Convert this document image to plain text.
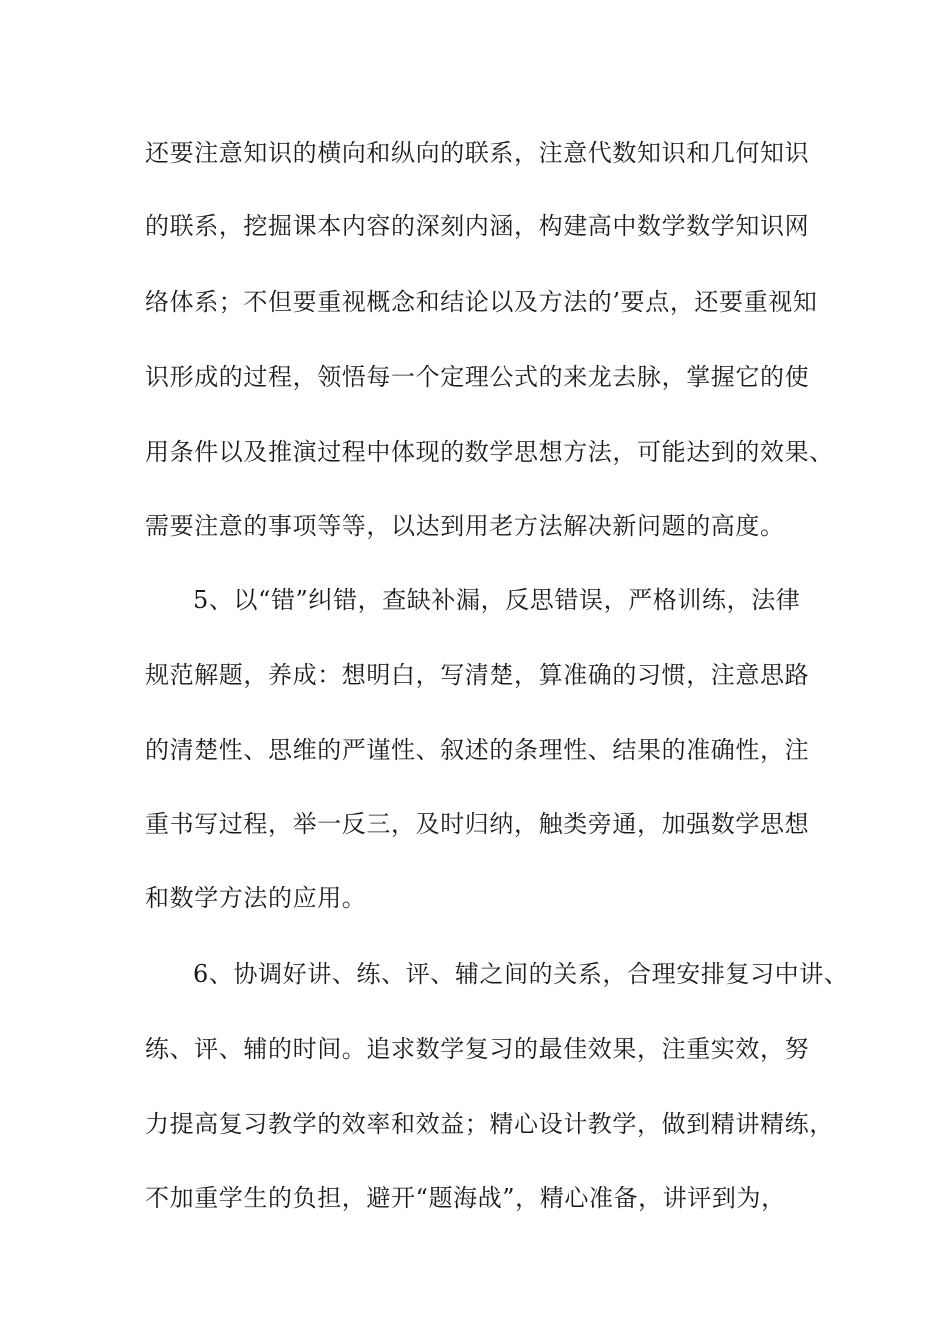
还要注意知识的横向和纵向的联系，注意代数知识和几何知识
的联系，挖掘课本内容的深刻内涵，构建高中数学数学知识网
络体系；不但要重视概念和结论以及方法的’要点，还要重视知
识形成的过程，领悟每一个定理公式的来龙去脉，掌握它的使
用条件以及推演过程中体现的数学思想方法，可能达到的效果、
需要注意的事项等等，以达到用老方法解决新问题的高度。
5、以“错”纠错，查缺补漏，反思错误，严格训练，法律
规范解题，养成：想明白，写清楚，算准确的习惯，注意思路
的清楚性、思维的严谨性、叙述的条理性、结果的准确性，注
重书写过程，举一反三，及时归纳，触类旁通，加强数学思想
和数学方法的应用。
6、协调好讲、练、评、辅之间的关系，合理安排复习中讲、
练、评、辅的时间。追求数学复习的最佳效果，注重实效，努
力提高复习教学的效率和效益；精心设计教学，做到精讲精练，
不加重学生的负担，避开“题海战”，精心准备，讲评到为，
